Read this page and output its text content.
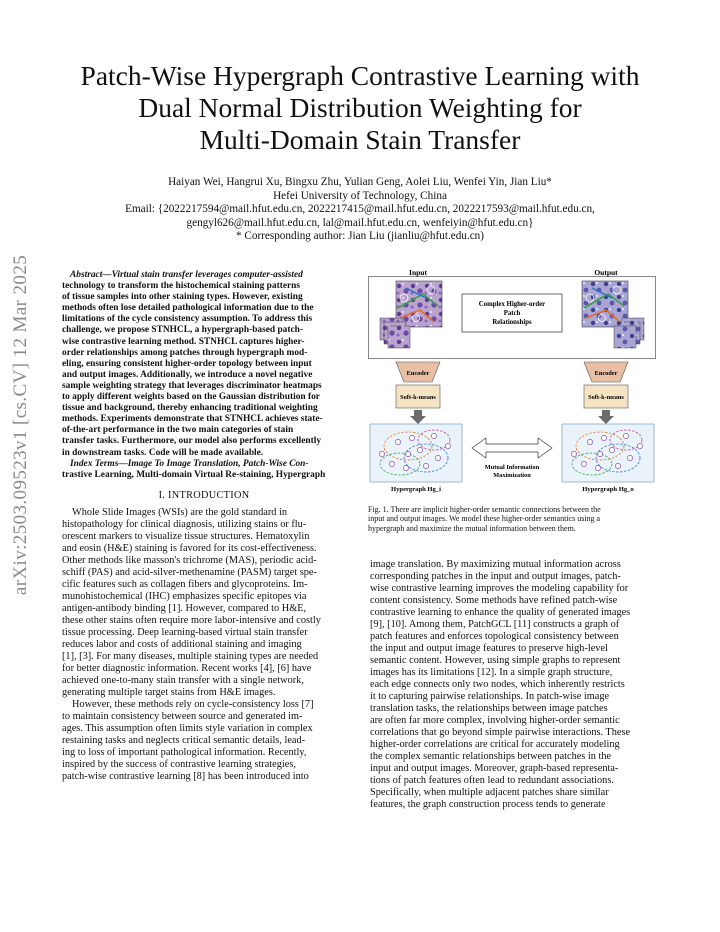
arXiv:2503.09523v1 [cs.CV] 12 Mar 2025
Patch-Wise Hypergraph Contrastive Learning with
Dual Normal Distribution Weighting for
Multi-Domain Stain Transfer
Haiyan Wei, Hangrui Xu, Bingxu Zhu, Yulian Geng, Aolei Liu, Wenfei Yin, Jian Liu*
Hefei University of Technology, China
Email: {2022217594@mail.hfut.edu.cn, 2022217415@mail.hfut.edu.cn, 2022217593@mail.hfut.edu.cn,
gengyl626@mail.hfut.edu.cn, lal@mail.hfut.edu.cn, wenfeiyin@hfut.edu.cn}
* Corresponding author: Jian Liu (jianliu@hfut.edu.cn)
Abstract—Virtual stain transfer leverages computer-assisted
technology to transform the histochemical staining patterns
of tissue samples into other staining types. However, existing
methods often lose detailed pathological information due to the
limitations of the cycle consistency assumption. To address this
challenge, we propose STNHCL, a hypergraph-based patch-
wise contrastive learning method. STNHCL captures higher-
order relationships among patches through hypergraph mod-
eling, ensuring consistent higher-order topology between input
and output images. Additionally, we introduce a novel negative
sample weighting strategy that leverages discriminator heatmaps
to apply different weights based on the Gaussian distribution for
tissue and background, thereby enhancing traditional weighting
methods. Experiments demonstrate that STNHCL achieves state-
of-the-art performance in the two main categories of stain
transfer tasks. Furthermore, our model also performs excellently
in downstream tasks. Code will be made available.
Index Terms—Image To Image Translation, Patch-Wise Con-
trastive Learning, Multi-domain Virtual Re-staining, Hypergraph
I. INTRODUCTION
Whole Slide Images (WSIs) are the gold standard in
histopathology for clinical diagnosis, utilizing stains or flu-
orescent markers to visualize tissue structures. Hematoxylin
and eosin (H&E) staining is favored for its cost-effectiveness.
Other methods like masson's trichrome (MAS), periodic acid-
schiff (PAS) and acid-silver-methenamine (PASM) target spe-
cific features such as collagen fibers and glycoproteins. Im-
munohistochemical (IHC) emphasizes specific epitopes via
antigen-antibody binding [1]. However, compared to H&E,
these other stains often require more labor-intensive and costly
tissue processing. Deep learning-based virtual stain transfer
reduces labor and costs of additional staining and imaging
[1], [3]. For many diseases, multiple staining types are needed
for better diagnostic information. Recent works [4], [6] have
achieved one-to-many stain transfer with a single network,
generating multiple target stains from H&E images.
However, these methods rely on cycle-consistency loss [7]
to maintain consistency between source and generated im-
ages. This assumption often limits style variation in complex
restaining tasks and neglects critical semantic details, lead-
ing to loss of important pathological information. Recently,
inspired by the success of contrastive learning strategies,
patch-wise contrastive learning [8] has been introduced into
Input	Output
Complex Higher-order
Patch
Relationships
Encoder	Encoder
Soft-k-means	Soft-k-means
Mutual Information
Maximization
Hypergraph Hg_i	Hypergraph Hg_o
Fig. 1. There are implicit higher-order semantic connections between the
input and output images. We model these higher-order semantics using a
hypergraph and maximize the mutual information between them.
image translation. By maximizing mutual information across
corresponding patches in the input and output images, patch-
wise contrastive learning improves the modeling capability for
content consistency. Some methods have refined patch-wise
contrastive learning to enhance the quality of generated images
[9], [10]. Among them, PatchGCL [11] constructs a graph of
patch features and enforces topological consistency between
the input and output image features to preserve high-level
semantic content. However, using simple graphs to represent
images has its limitations [12]. In a simple graph structure,
each edge connects only two nodes, which inherently restricts
it to capturing pairwise relationships. In patch-wise image
translation tasks, the relationships between image patches
are often far more complex, involving higher-order semantic
correlations that go beyond simple pairwise interactions. These
higher-order correlations are critical for accurately modeling
the complex semantic relationships between patches in the
input and output images. Moreover, graph-based representa-
tions of patch features often lead to redundant associations.
Specifically, when multiple adjacent patches share similar
features, the graph construction process tends to generate
